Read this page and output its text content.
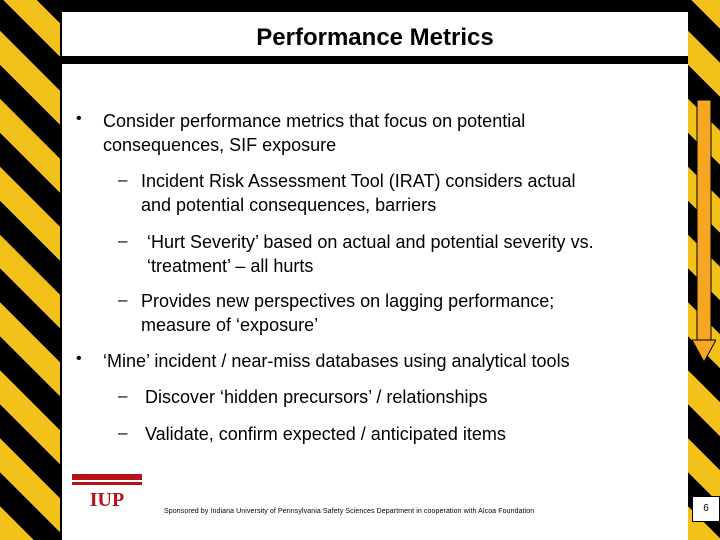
Performance Metrics
• Consider performance metrics that focus on potential
consequences, SIF exposure
– Incident Risk Assessment Tool (IRAT) considers actual
and potential consequences, barriers
– ‘Hurt Severity’ based on actual and potential severity vs.
‘treatment’ – all hurts
– Provides new perspectives on lagging performance;
measure of ‘exposure’
• ‘Mine’ incident / near-miss databases using analytical tools
– Discover ‘hidden precursors’ / relationships
– Validate, confirm expected / anticipated items
IUP
Sponsored by Indiana University of Pennsylvania Safety Sciences Department in cooperation with Alcoa Foundation	6
